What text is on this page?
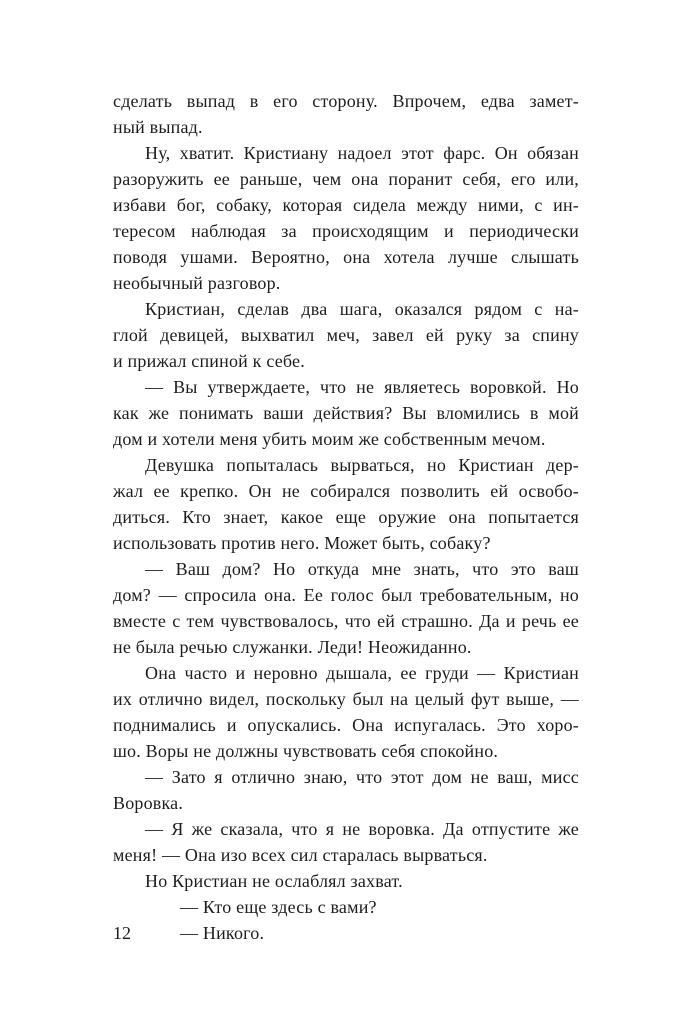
сделать выпад в его сторону. Впрочем, едва замет-
ный выпад.
Ну, хватит. Кристиану надоел этот фарс. Он обязан
разоружить ее раньше, чем она поранит себя, его или,
избави бог, собаку, которая сидела между ними, с ин-
тересом наблюдая за происходящим и периодически
поводя ушами. Вероятно, она хотела лучше слышать
необычный разговор.
Кристиан, сделав два шага, оказался рядом с на-
глой девицей, выхватил меч, завел ей руку за спину
и прижал спиной к себе.
— Вы утверждаете, что не являетесь воровкой. Но
как же понимать ваши действия? Вы вломились в мой
дом и хотели меня убить моим же собственным мечом.
Девушка попыталась вырваться, но Кристиан дер-
жал ее крепко. Он не собирался позволить ей освобо-
диться. Кто знает, какое еще оружие она попытается
использовать против него. Может быть, собаку?
— Ваш дом? Но откуда мне знать, что это ваш
дом? — спросила она. Ее голос был требовательным, но
вместе с тем чувствовалось, что ей страшно. Да и речь ее
не была речью служанки. Леди! Неожиданно.
Она часто и неровно дышала, ее груди — Кристиан
их отлично видел, поскольку был на целый фут выше, —
поднимались и опускались. Она испугалась. Это хоро-
шо. Воры не должны чувствовать себя спокойно.
— Зато я отлично знаю, что этот дом не ваш, мисс
Воровка.
— Я же сказала, что я не воровка. Да отпустите же
меня! — Она изо всех сил старалась вырваться.
Но Кристиан не ослаблял захват.
— Кто еще здесь с вами?
— Никого.
12
